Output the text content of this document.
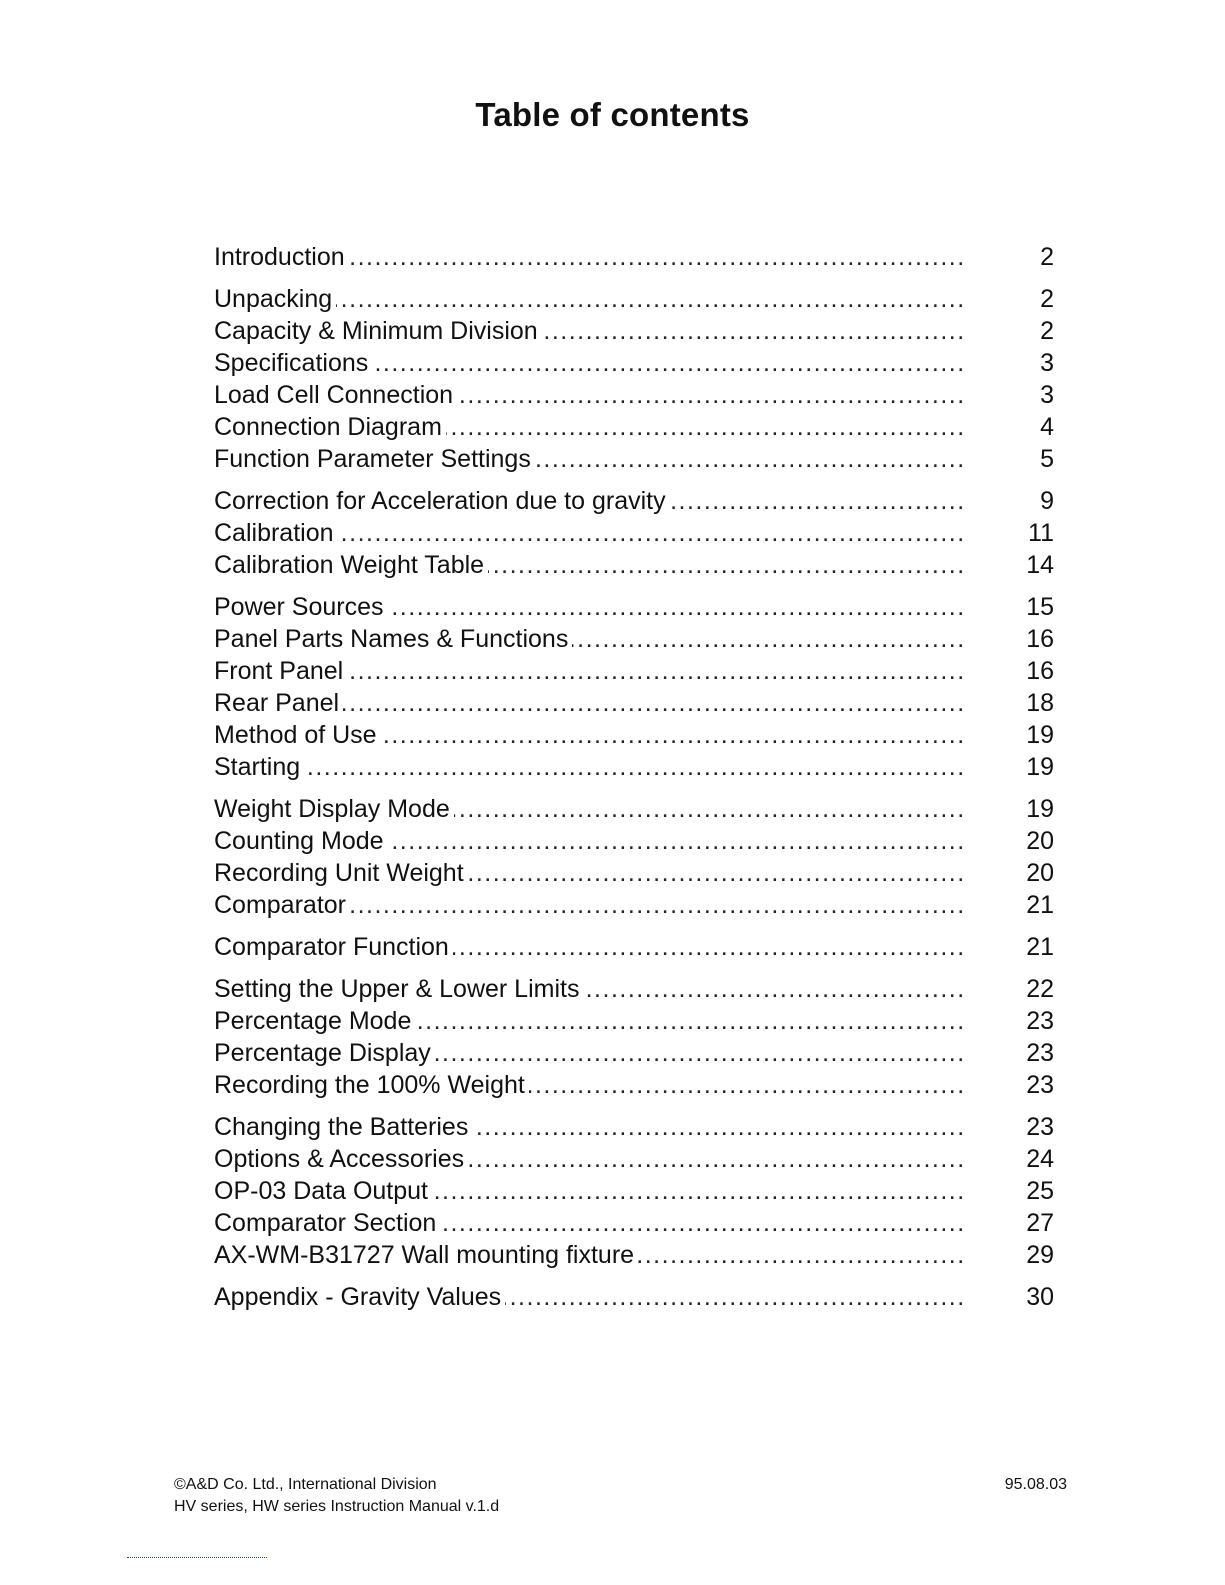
Table of contents
Introduction .....	2
Unpacking .....	2
Capacity & Minimum Division .....	2
Specifications .....	3
Load Cell Connection .....	3
Connection Diagram .....	4
Function Parameter Settings .....	5
Correction for Acceleration due to gravity .....	9
Calibration .....	11
Calibration Weight Table .....	14
Power Sources .....	15
Panel Parts Names & Functions .....	16
Front Panel .....	16
Rear Panel .....	18
Method of Use .....	19
Starting .....	19
Weight Display Mode .....	19
Counting Mode .....	20
Recording Unit Weight .....	20
Comparator .....	21
Comparator Function .....	21
Setting the Upper & Lower Limits .....	22
Percentage Mode .....	23
Percentage Display .....	23
Recording the 100% Weight .....	23
Changing the Batteries .....	23
Options & Accessories .....	24
OP-03 Data Output .....	25
Comparator Section .....	27
AX-WM-B31727 Wall mounting fixture .....	29
Appendix - Gravity Values .....	30
©A&D Co. Ltd., International Division
HV series, HW series Instruction Manual v.1.d
95.08.03
